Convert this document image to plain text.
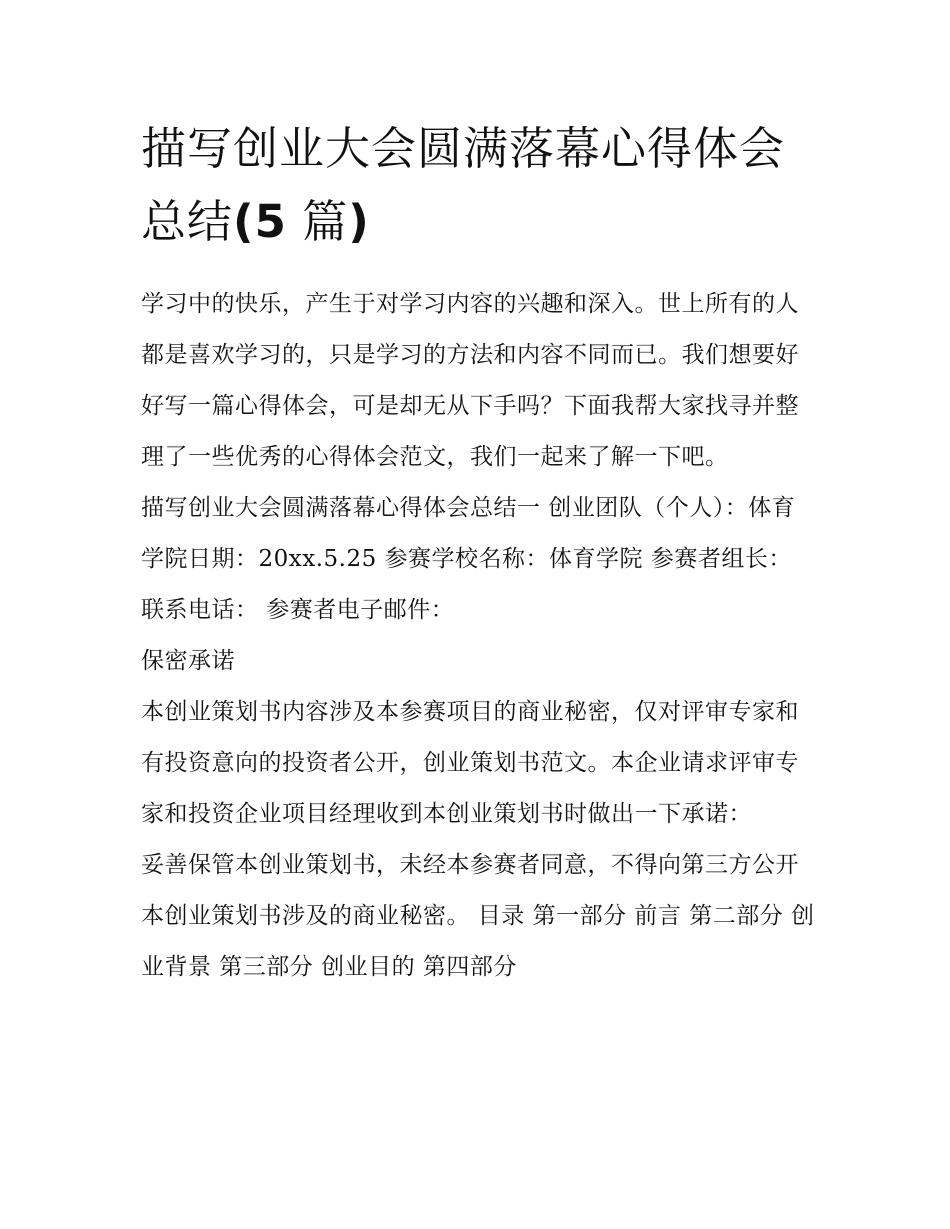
描写创业大会圆满落幕心得体会总结(5 篇)

学习中的快乐，产生于对学习内容的兴趣和深入。世上所有的人都是喜欢学习的，只是学习的方法和内容不同而已。我们想要好好写一篇心得体会，可是却无从下手吗？下面我帮大家找寻并整理了一些优秀的心得体会范文，我们一起来了解一下吧。

描写创业大会圆满落幕心得体会总结一 创业团队（个人）：体育学院日期：20xx.5.25 参赛学校名称：体育学院 参赛者组长： 联系电话： 参赛者电子邮件：

保密承诺

本创业策划书内容涉及本参赛项目的商业秘密，仅对评审专家和有投资意向的投资者公开，创业策划书范文。本企业请求评审专家和投资企业项目经理收到本创业策划书时做出一下承诺：

妥善保管本创业策划书，未经本参赛者同意，不得向第三方公开本创业策划书涉及的商业秘密。 目录 第一部分 前言 第二部分 创业背景 第三部分 创业目的 第四部分
